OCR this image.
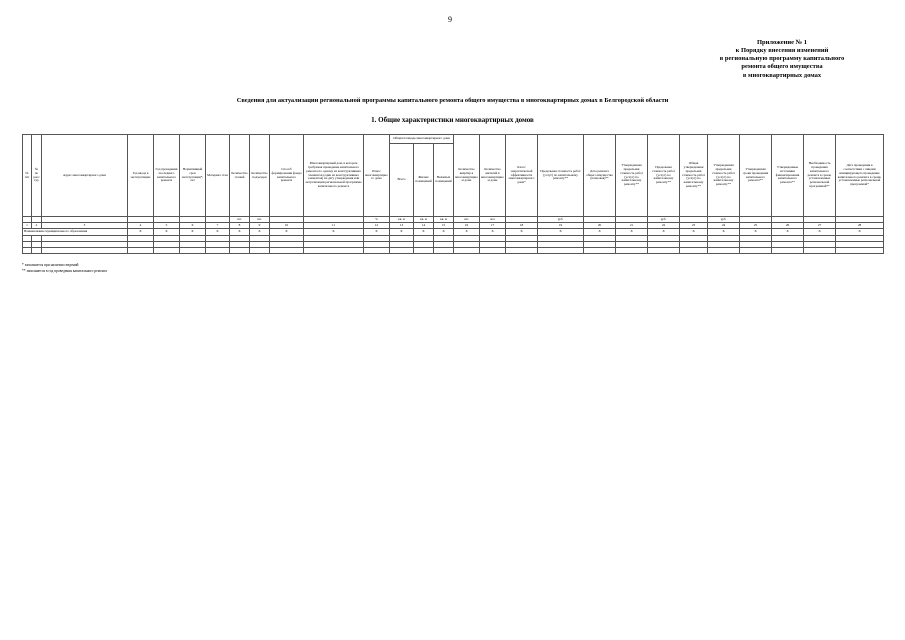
9
Приложение № 1
к Порядку внесения изменений
в региональную программу капитального
ремонта общего имущества
в многоквартирных домах
Сведения для актуализации региональной программы капитального ремонта общего имущества в многоквартирных домах в Белгородской области
1. Общие характеристики многоквартирных домов
№ п/п	№ по реестру	Адрес многоквартирного дома	Год ввода в эксплуатацию	Год проведения последнего капитального ремонта	Нормативный срок эксплуатации*, лет	Материал стен	Количество этажей	Количество подъездов	Способ формирования фонда капитального ремонта	Многоквартирный дом, в котором требуемая проведение капитального ремонта по одному из конструктивных элементов (один из конструктивных элементов) на дату утверждения или актуализации региональной программы капитального ремонта	Износ многоквартирного дома	Общая площадь многоквартирного дома			Количество квартир в многоквартирном доме	Количество жителей в многоквартирном доме	Класс энергетической эффективности многоквартирного дома*	Предельная стоимость работ (услуг) по капитальному ремонту**	Дата ремонта общего имущества (плановая)**	Утвержденная предельная стоимость работ (услуг) по капитальному ремонту**	Предельная стоимость работ (услуг) по капитальному ремонту**	Общая утвержденная предельная стоимость работ (услуг) по капитальному ремонту**	Утвержденная предельная стоимость работ (услуг) по капитальному ремонту**	Утвержденная сроки проведения капитального ремонта**	Утвержденные источники финансирования капитального ремонта**	Необходимость проведения капитального ремонта в сроки, установленные региональной программой**	Дата проведения в соответствии с лицами инициирующего проведение капитального ремонта в сроки, установленные региональной программой*
												Всего	Жилых помещений	Нежилых помещений													
							шт.	шт.			%	кв. м	кв. м	кв. м	шт.	чел.		руб.			руб.		руб.				
1	2	3	4	5	6	7	8	9	10	11	12	13	14	15	16	17	18	19	20	21	22	23	24	25	26	27	28
Наименование муниципального образования			Х	Х	Х	Х	Х	Х	Х	Х	Х	Х	Х	Х	Х	Х	Х	Х	Х	Х	Х	Х	Х	Х	Х	Х	Х

* заполняется при наличии сведений
** заполняется в год проведения капитального ремонта
